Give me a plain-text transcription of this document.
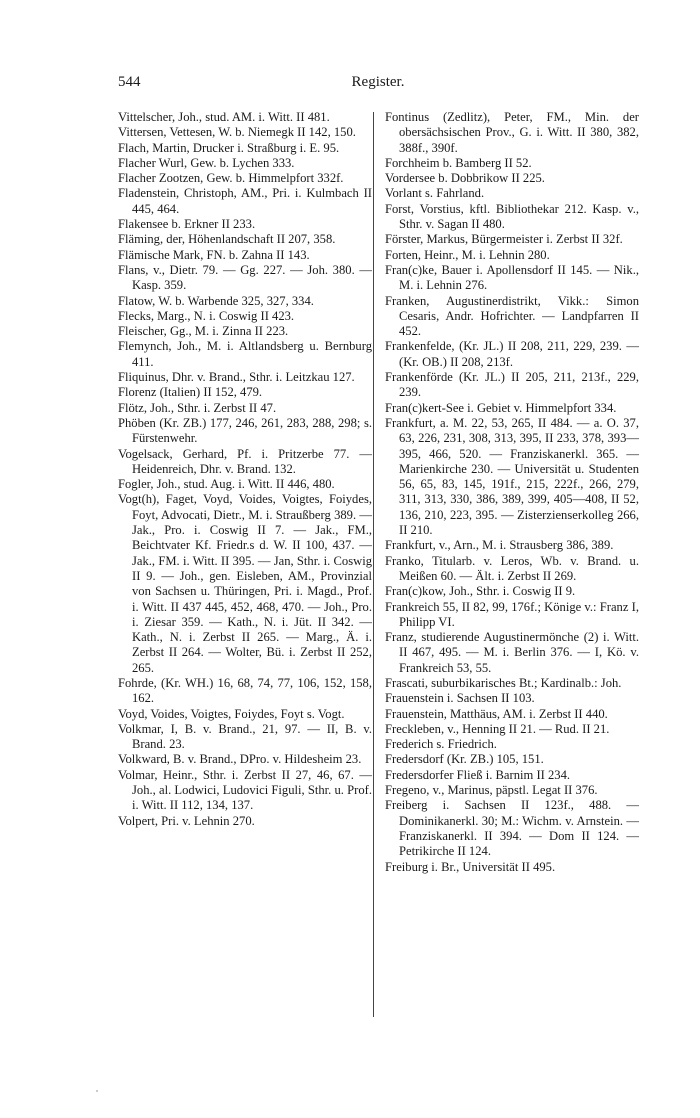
544	Register.

Vittelscher, Joh., stud. AM. i. Witt. II 481.

Vittersen, Vettesen, W. b. Niemegk II 142, 150.

Flach, Martin, Drucker i. Straßburg i. E. 95.

Flacher Wurl, Gew. b. Lychen 333.

Flacher Zootzen, Gew. b. Himmelpfort 332f.

Fladenstein, Christoph, AM., Pri. i. Kulmbach II 445, 464.

Flakensee b. Erkner II 233.

Fläming, der, Höhenlandschaft II 207, 358.

Flämische Mark, FN. b. Zahna II 143.

Flans, v., Dietr. 79. — Gg. 227. — Joh. 380. — Kasp. 359.

Flatow, W. b. Warbende 325, 327, 334.

Flecks, Marg., N. i. Coswig II 423.

Fleischer, Gg., M. i. Zinna II 223.

Flemynch, Joh., M. i. Altlandsberg u. Bernburg 411.

Fliquinus, Dhr. v. Brand., Sthr. i. Leitzkau 127.

Florenz (Italien) II 152, 479.

Flötz, Joh., Sthr. i. Zerbst II 47.

Phöben (Kr. ZB.) 177, 246, 261, 283, 288, 298; s. Fürstenwehr.

Vogelsack, Gerhard, Pf. i. Pritzerbe 77. — Heidenreich, Dhr. v. Brand. 132.

Fogler, Joh., stud. Aug. i. Witt. II 446, 480.

Vogt(h), Faget, Voyd, Voides, Voigtes, Foiydes, Foyt, Advocati, Dietr., M. i. Straußberg 389. — Jak., Pro. i. Coswig II 7. — Jak., FM., Beichtvater Kf. Friedr.s d. W. II 100, 437. — Jak., FM. i. Witt. II 395. — Jan, Sthr. i. Coswig II 9. — Joh., gen. Eisleben, AM., Provinzial von Sachsen u. Thüringen, Pri. i. Magd., Prof. i. Witt. II 437 445, 452, 468, 470. — Joh., Pro. i. Ziesar 359. — Kath., N. i. Jüt. II 342. — Kath., N. i. Zerbst II 265. — Marg., Ä. i. Zerbst II 264. — Wolter, Bü. i. Zerbst II 252, 265.

Fohrde, (Kr. WH.) 16, 68, 74, 77, 106, 152, 158, 162.

Voyd, Voides, Voigtes, Foiydes, Foyt s. Vogt.

Volkmar, I, B. v. Brand., 21, 97. — II, B. v. Brand. 23.

Volkward, B. v. Brand., DPro. v. Hildesheim 23.

Volmar, Heinr., Sthr. i. Zerbst II 27, 46, 67. — Joh., al. Lodwici, Ludovici Figuli, Sthr. u. Prof. i. Witt. II 112, 134, 137.

Volpert, Pri. v. Lehnin 270.

Fontinus (Zedlitz), Peter, FM., Min. der obersächsischen Prov., G. i. Witt. II 380, 382, 388f., 390f.

Forchheim b. Bamberg II 52.

Vordersee b. Dobbrikow II 225.

Vorlant s. Fahrland.

Forst, Vorstius, kftl. Bibliothekar 212. Kasp. v., Sthr. v. Sagan II 480.

Förster, Markus, Bürgermeister i. Zerbst II 32f.

Forten, Heinr., M. i. Lehnin 280.

Fran(c)ke, Bauer i. Apollensdorf II 145. — Nik., M. i. Lehnin 276.

Franken, Augustinerdistrikt, Vikk.: Simon Cesaris, Andr. Hofrichter. — Landpfarren II 452.

Frankenfelde, (Kr. JL.) II 208, 211, 229, 239. — (Kr. OB.) II 208, 213f.

Frankenförde (Kr. JL.) II 205, 211, 213f., 229, 239.

Fran(c)kert-See i. Gebiet v. Himmelpfort 334.

Frankfurt, a. M. 22, 53, 265, II 484. — a. O. 37, 63, 226, 231, 308, 313, 395, II 233, 378, 393—395, 466, 520. — Franziskanerkl. 365. — Marienkirche 230. — Universität u. Studenten 56, 65, 83, 145, 191f., 215, 222f., 266, 279, 311, 313, 330, 386, 389, 399, 405—408, II 52, 136, 210, 223, 395. — Zisterzienserkolleg 266, II 210.

Frankfurt, v., Arn., M. i. Strausberg 386, 389.

Franko, Titularb. v. Leros, Wb. v. Brand. u. Meißen 60. — Ält. i. Zerbst II 269.

Fran(c)kow, Joh., Sthr. i. Coswig II 9.

Frankreich 55, II 82, 99, 176f.; Könige v.: Franz I, Philipp VI.

Franz, studierende Augustinermönche (2) i. Witt. II 467, 495. — M. i. Berlin 376. — I, Kö. v. Frankreich 53, 55.

Frascati, suburbikarisches Bt.; Kardinalb.: Joh.

Frauenstein i. Sachsen II 103.

Frauenstein, Matthäus, AM. i. Zerbst II 440.

Freckleben, v., Henning II 21. — Rud. II 21.

Frederich s. Friedrich.

Fredersdorf (Kr. ZB.) 105, 151.

Fredersdorfer Fließ i. Barnim II 234.

Fregeno, v., Marinus, päpstl. Legat II 376.

Freiberg i. Sachsen II 123f., 488. — Dominikanerkl. 30; M.: Wichm. v. Arnstein. — Franziskanerkl. II 394. — Dom II 124. — Petrikirche II 124.

Freiburg i. Br., Universität II 495.
